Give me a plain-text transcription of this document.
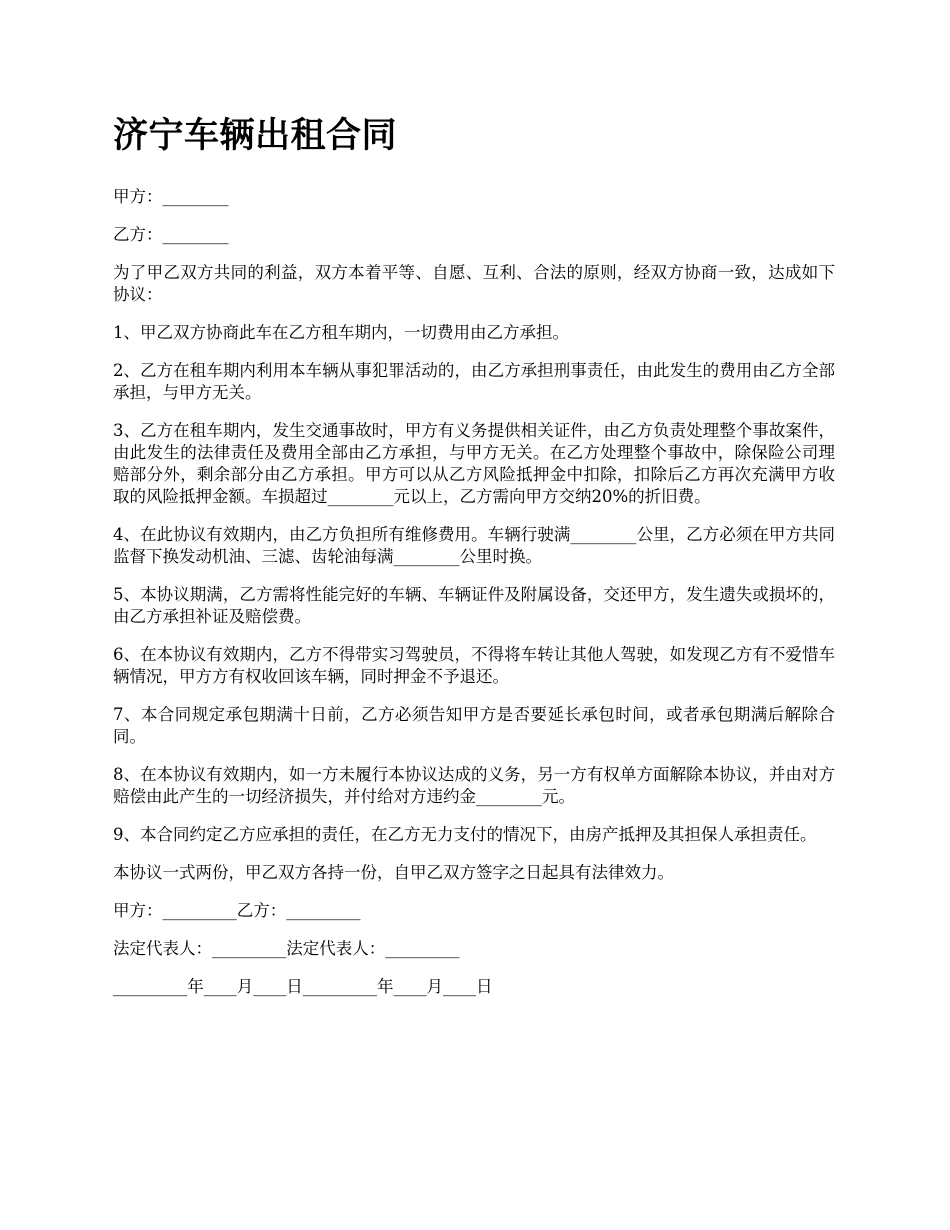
济宁车辆出租合同

甲方：________

乙方：________

为了甲乙双方共同的利益，双方本着平等、自愿、互利、合法的原则，经双方协商一致，达成如下协议：

1、甲乙双方协商此车在乙方租车期内，一切费用由乙方承担。

2、乙方在租车期内利用本车辆从事犯罪活动的，由乙方承担刑事责任，由此发生的费用由乙方全部承担，与甲方无关。

3、乙方在租车期内，发生交通事故时，甲方有义务提供相关证件，由乙方负责处理整个事故案件，由此发生的法律责任及费用全部由乙方承担，与甲方无关。在乙方处理整个事故中，除保险公司理赔部分外，剩余部分由乙方承担。甲方可以从乙方风险抵押金中扣除，扣除后乙方再次充满甲方收取的风险抵押金额。车损超过________元以上，乙方需向甲方交纳20%的折旧费。

4、在此协议有效期内，由乙方负担所有维修费用。车辆行驶满________公里，乙方必须在甲方共同监督下换发动机油、三滤、齿轮油每满________公里时换。

5、本协议期满，乙方需将性能完好的车辆、车辆证件及附属设备，交还甲方，发生遗失或损坏的，由乙方承担补证及赔偿费。

6、在本协议有效期内，乙方不得带实习驾驶员，不得将车转让其他人驾驶，如发现乙方有不爱惜车辆情况，甲方方有权收回该车辆，同时押金不予退还。

7、本合同规定承包期满十日前，乙方必须告知甲方是否要延长承包时间，或者承包期满后解除合同。

8、在本协议有效期内，如一方未履行本协议达成的义务，另一方有权单方面解除本协议，并由对方赔偿由此产生的一切经济损失，并付给对方违约金________元。

9、本合同约定乙方应承担的责任，在乙方无力支付的情况下，由房产抵押及其担保人承担责任。

本协议一式两份，甲乙双方各持一份，自甲乙双方签字之日起具有法律效力。

甲方：_________乙方：_________

法定代表人：_________法定代表人：_________

_________年____月____日_________年____月____日
